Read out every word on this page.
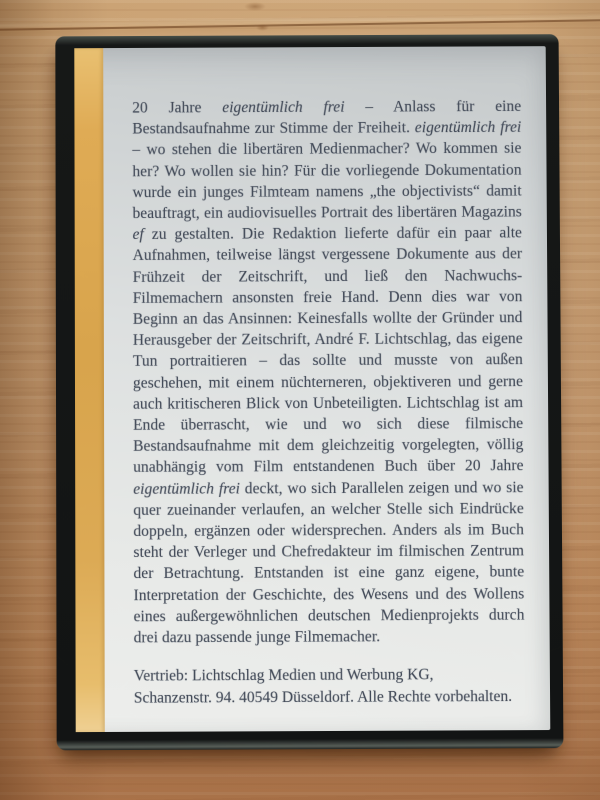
20 Jahre eigentümlich frei – Anlass für eine Bestandsaufnahme zur Stimme der Freiheit. eigentümlich frei – wo stehen die libertären Medienmacher? Wo kommen sie her? Wo wollen sie hin? Für die vorliegende Dokumentation wurde ein junges Filmteam namens „the objectivists“ damit beauftragt, ein audiovisuelles Portrait des libertären Magazins ef zu gestalten. Die Redaktion lieferte dafür ein paar alte Aufnahmen, teilweise längst vergessene Dokumente aus der Frühzeit der Zeitschrift, und ließ den Nachwuchs-Filmemachern ansonsten freie Hand. Denn dies war von Beginn an das Ansinnen: Keinesfalls wollte der Gründer und Herausgeber der Zeitschrift, André F. Lichtschlag, das eigene Tun portraitieren – das sollte und musste von außen geschehen, mit einem nüchterneren, objektiveren und gerne auch kritischeren Blick von Unbeteiligten. Lichtschlag ist am Ende überrascht, wie und wo sich diese filmische Bestandsaufnahme mit dem gleichzeitig vorgelegten, völlig unabhängig vom Film entstandenen Buch über 20 Jahre eigentümlich frei deckt, wo sich Parallelen zeigen und wo sie quer zueinander verlaufen, an welcher Stelle sich Eindrücke doppeln, ergänzen oder widersprechen. Anders als im Buch steht der Verleger und Chefredakteur im filmischen Zentrum der Betrachtung. Entstanden ist eine ganz eigene, bunte Interpretation der Geschichte, des Wesens und des Wollens eines außergewöhnlichen deutschen Medienprojekts durch drei dazu passende junge Filmemacher.

Vertrieb: Lichtschlag Medien und Werbung KG,
Schanzenstr. 94. 40549 Düsseldorf. Alle Rechte vorbehalten.
